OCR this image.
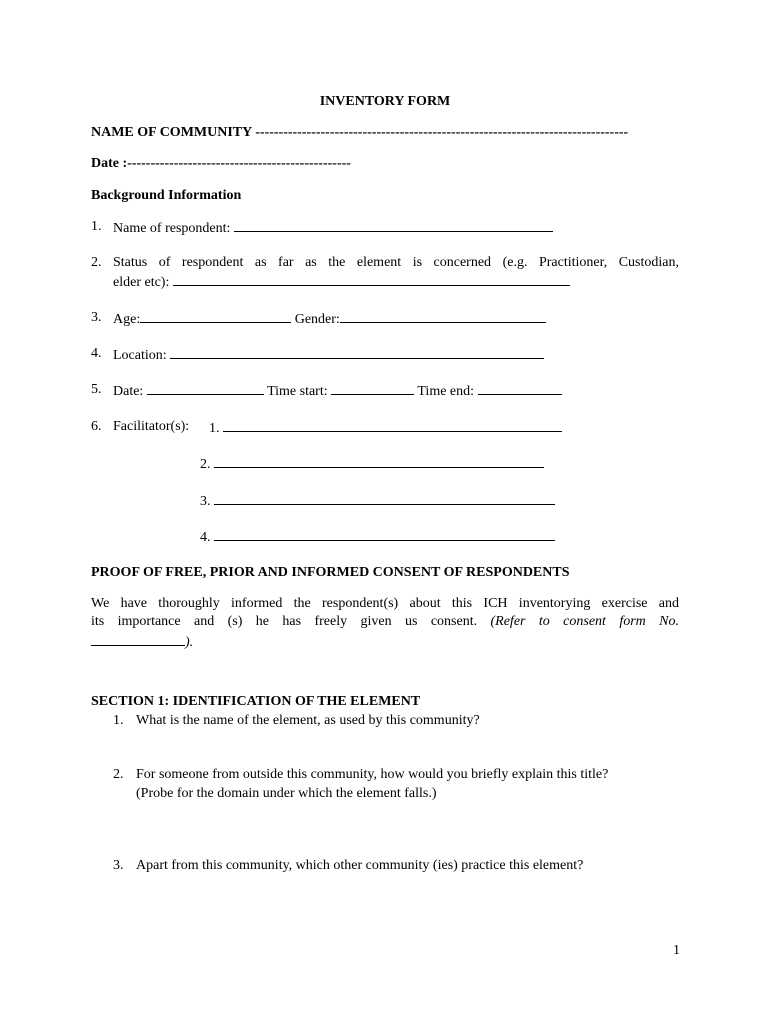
INVENTORY FORM
NAME OF COMMUNITY --------------------------------------------------------------------------------
Date :------------------------------------------------
Background Information
1. Name of respondent:
2. Status of respondent as far as the element is concerned (e.g. Practitioner, Custodian,
elder etc):
3. Age:	Gender:
4. Location:
5. Date:	Time start:	Time end:
6. Facilitator(s): 1.
2.
3.
4.
PROOF OF FREE, PRIOR AND INFORMED CONSENT OF RESPONDENTS
We have thoroughly informed the respondent(s) about this ICH inventorying exercise and
its importance and (s) he has freely given us consent. (Refer to consent form No.
).
SECTION 1: IDENTIFICATION OF THE ELEMENT
1. What is the name of the element, as used by this community?
2. For someone from outside this community, how would you briefly explain this title?
(Probe for the domain under which the element falls.)
3. Apart from this community, which other community (ies) practice this element?
1
